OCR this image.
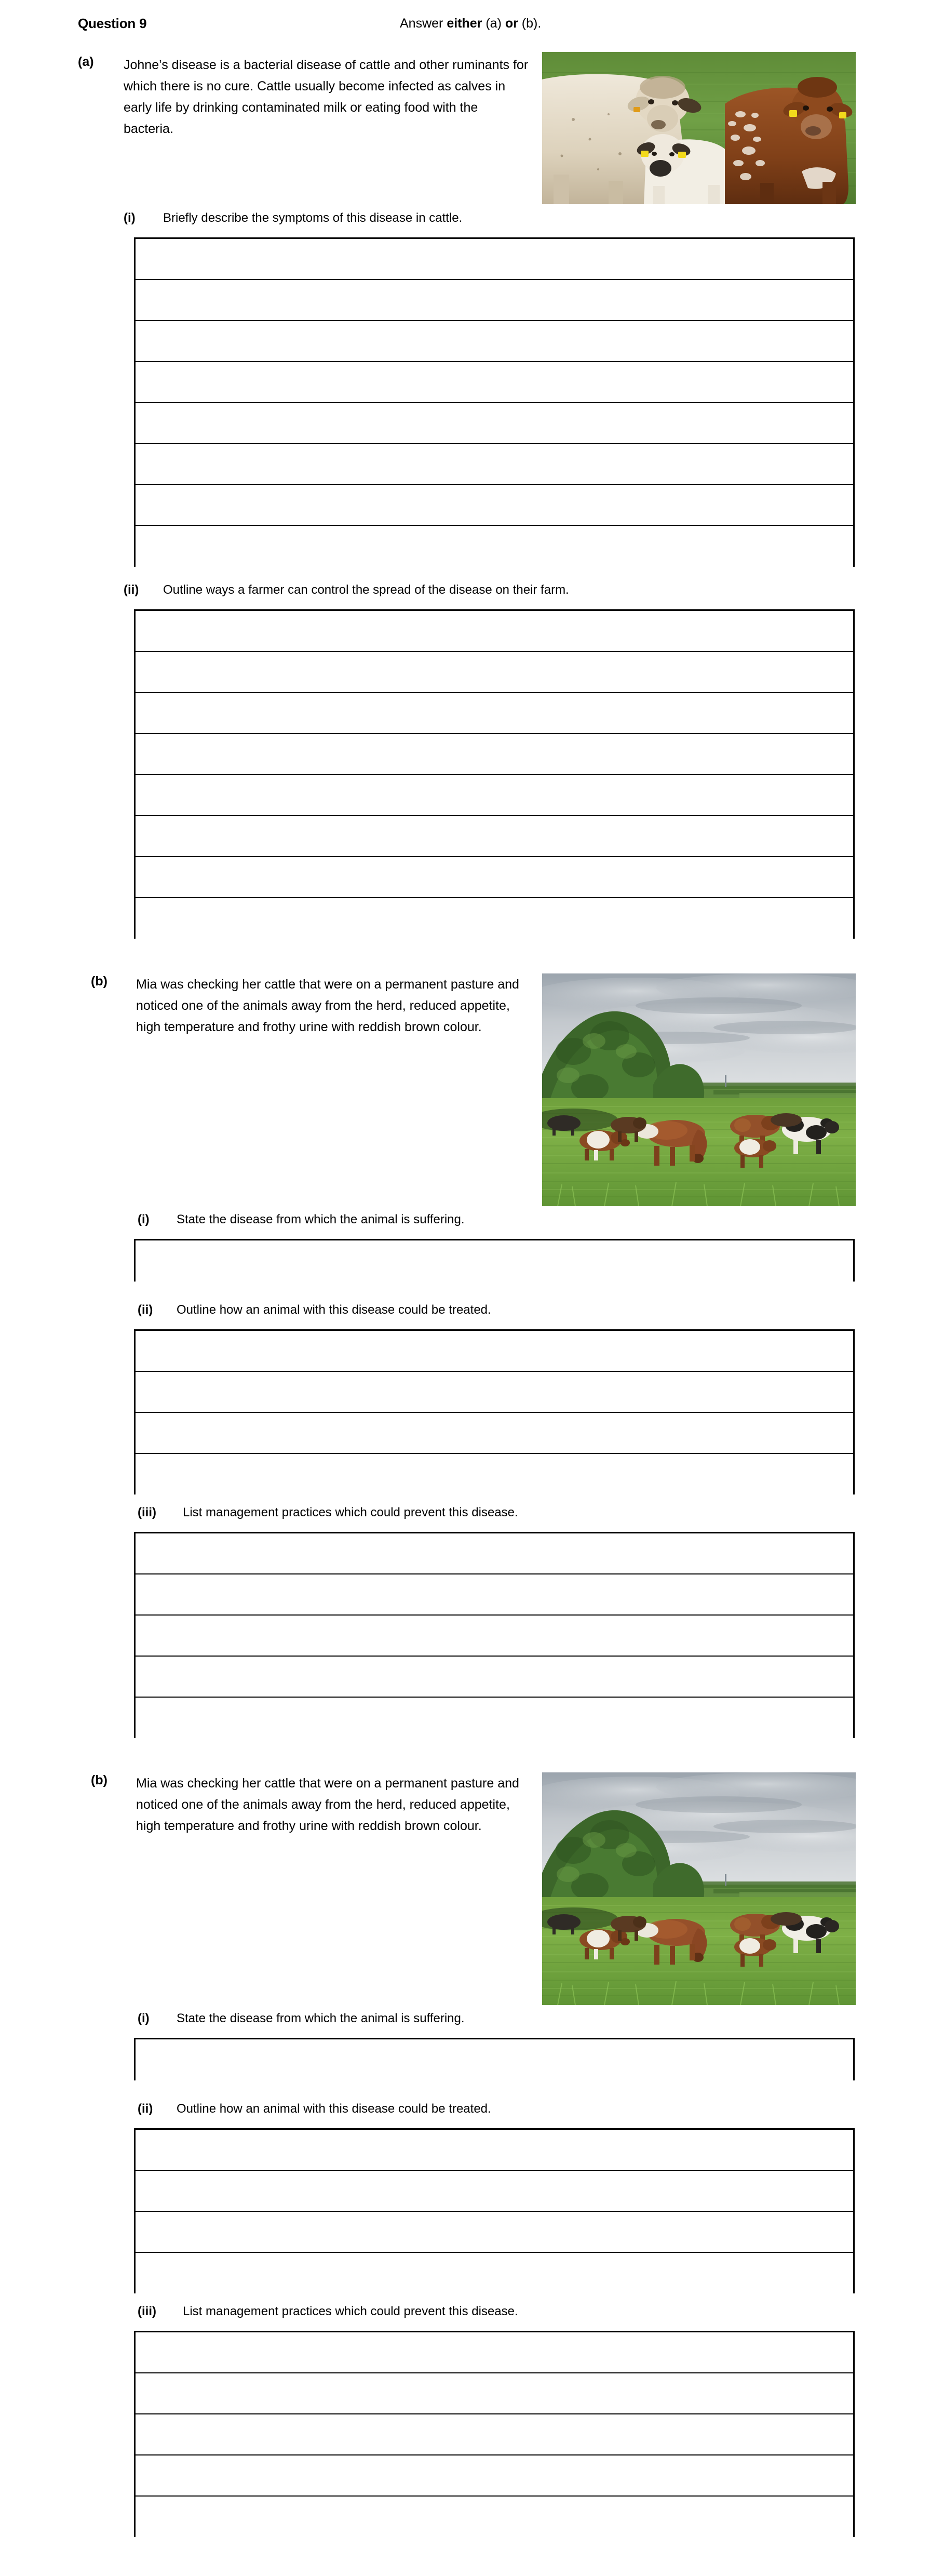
Question 9	Answer either (a) or (b).
(a) Johne’s disease is a bacterial disease of cattle and other ruminants for which there is no cure. Cattle usually become infected as calves in early life by drinking contaminated milk or eating food with the bacteria.
(i) Briefly describe the symptoms of this disease in cattle.
(ii) Outline ways a farmer can control the spread of the disease on their farm.
(b) Mia was checking her cattle that were on a permanent pasture and noticed one of the animals away from the herd, reduced appetite, high temperature and frothy urine with reddish brown colour.
(i) State the disease from which the animal is suffering.
(ii) Outline how an animal with this disease could be treated.
(iii) List management practices which could prevent this disease.
(b) Mia was checking her cattle that were on a permanent pasture and noticed one of the animals away from the herd, reduced appetite, high temperature and frothy urine with reddish brown colour.
(i) State the disease from which the animal is suffering.
(ii) Outline how an animal with this disease could be treated.
(iii) List management practices which could prevent this disease.
